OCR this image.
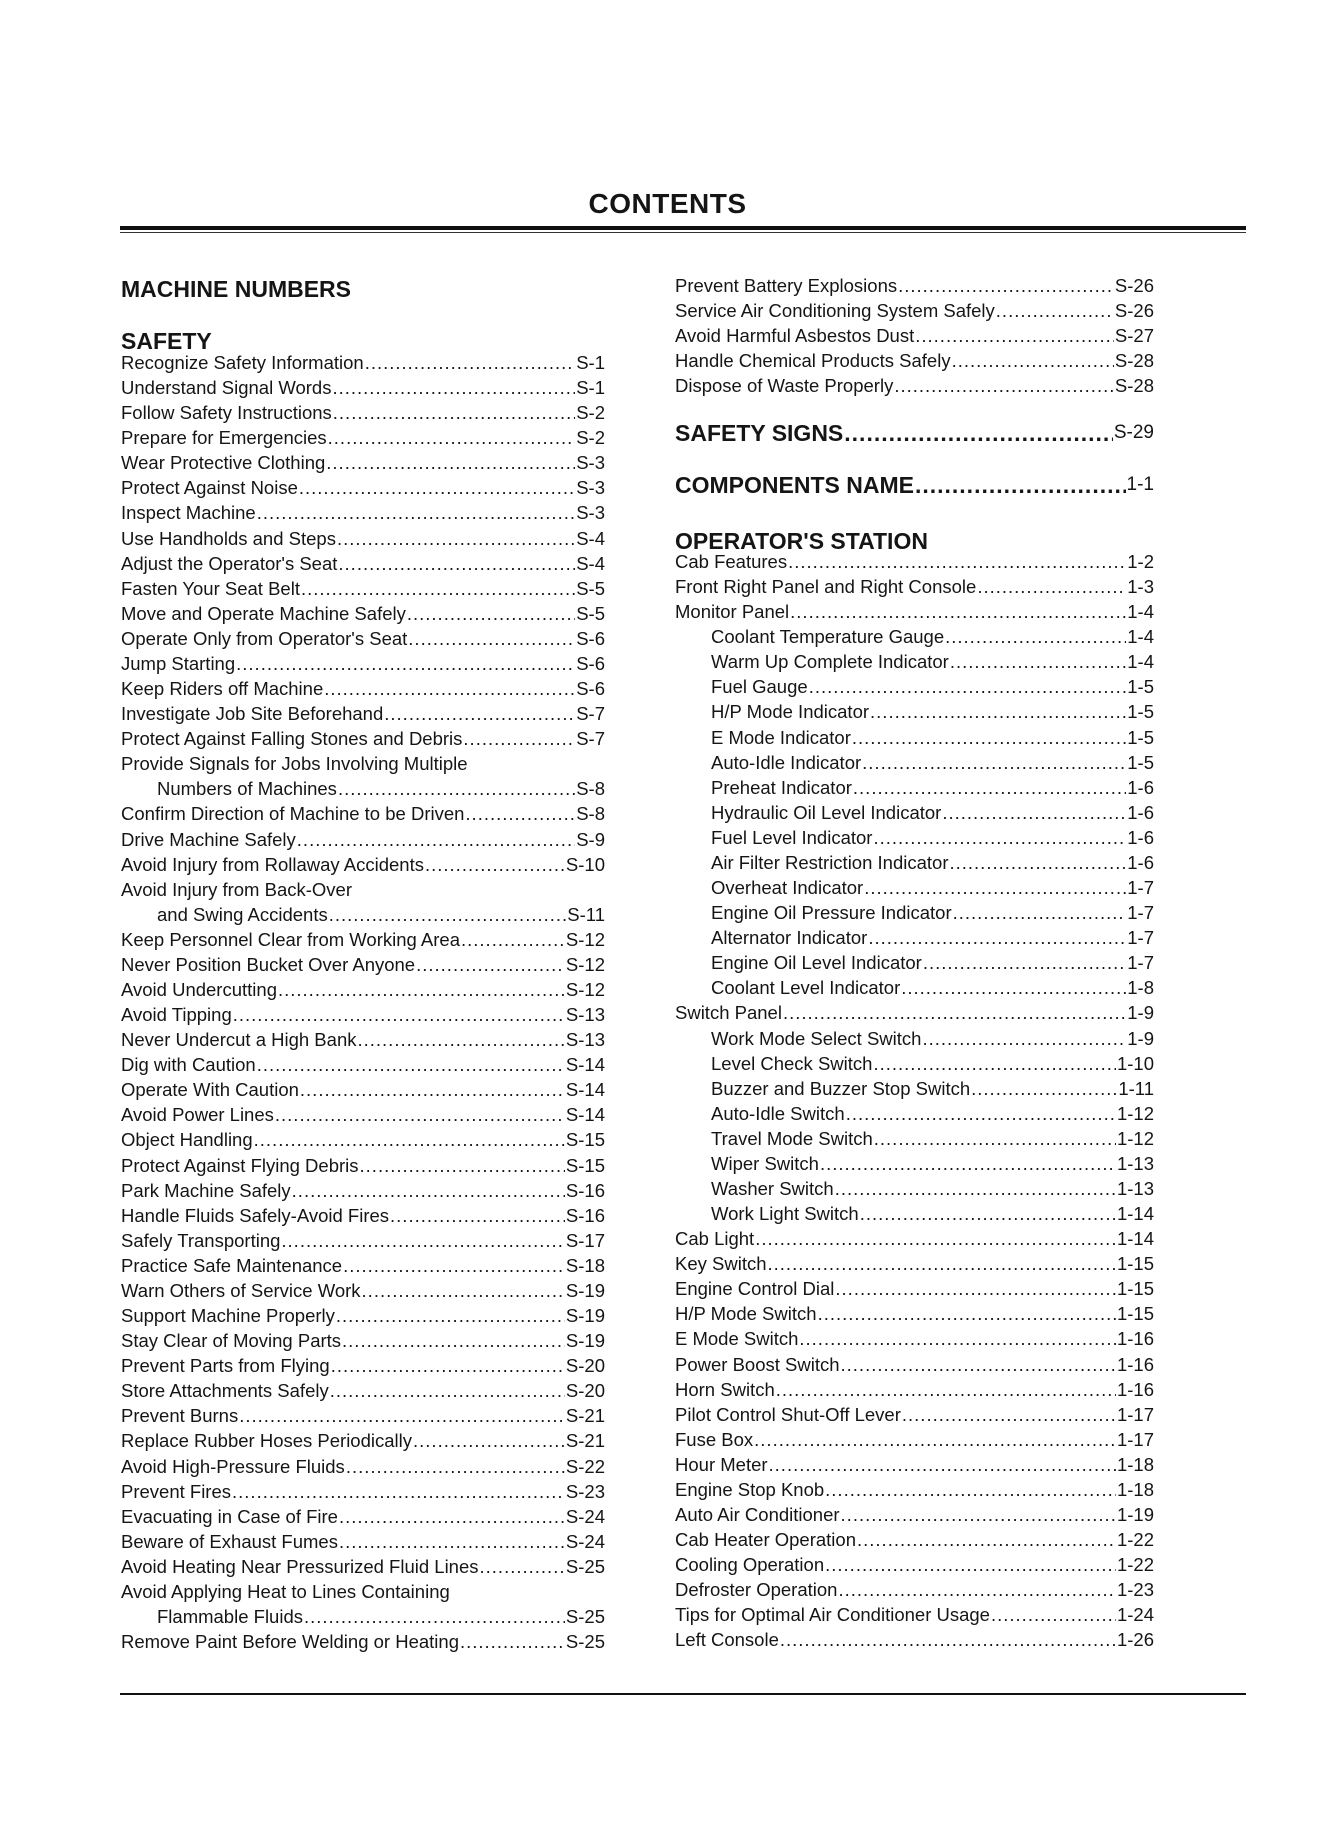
CONTENTS
MACHINE NUMBERS
SAFETY
Recognize Safety Information .....	S-1
Understand Signal Words .....	S-1
Follow Safety Instructions .....	S-2
Prepare for Emergencies .....	S-2
Wear Protective Clothing .....	S-3
Protect Against Noise .....	S-3
Inspect Machine .....	S-3
Use Handholds and Steps .....	S-4
Adjust the Operator's Seat .....	S-4
Fasten Your Seat Belt .....	S-5
Move and Operate Machine Safely .....	S-5
Operate Only from Operator's Seat .....	S-6
Jump Starting .....	S-6
Keep Riders off Machine .....	S-6
Investigate Job Site Beforehand .....	S-7
Protect Against Falling Stones and Debris .....	S-7
Provide Signals for Jobs Involving Multiple
Numbers of Machines .....	S-8
Confirm Direction of Machine to be Driven .....	S-8
Drive Machine Safely .....	S-9
Avoid Injury from Rollaway Accidents .....	S-10
Avoid Injury from Back-Over
and Swing Accidents .....	S-11
Keep Personnel Clear from Working Area .....	S-12
Never Position Bucket Over Anyone .....	S-12
Avoid Undercutting .....	S-12
Avoid Tipping .....	S-13
Never Undercut a High Bank .....	S-13
Dig with Caution .....	S-14
Operate With Caution .....	S-14
Avoid Power Lines .....	S-14
Object Handling .....	S-15
Protect Against Flying Debris .....	S-15
Park Machine Safely .....	S-16
Handle Fluids Safely-Avoid Fires .....	S-16
Safely Transporting .....	S-17
Practice Safe Maintenance .....	S-18
Warn Others of Service Work .....	S-19
Support Machine Properly .....	S-19
Stay Clear of Moving Parts .....	S-19
Prevent Parts from Flying .....	S-20
Store Attachments Safely .....	S-20
Prevent Burns .....	S-21
Replace Rubber Hoses Periodically .....	S-21
Avoid High-Pressure Fluids .....	S-22
Prevent Fires .....	S-23
Evacuating in Case of Fire .....	S-24
Beware of Exhaust Fumes .....	S-24
Avoid Heating Near Pressurized Fluid Lines .....	S-25
Avoid Applying Heat to Lines Containing
Flammable Fluids .....	S-25
Remove Paint Before Welding or Heating .....	S-25
Prevent Battery Explosions .....	S-26
Service Air Conditioning System Safely .....	S-26
Avoid Harmful Asbestos Dust .....	S-27
Handle Chemical Products Safely .....	S-28
Dispose of Waste Properly .....	S-28
SAFETY SIGNS .....	S-29
COMPONENTS NAME .....	1-1
OPERATOR'S STATION
Cab Features .....	1-2
Front Right Panel and Right Console .....	1-3
Monitor Panel .....	1-4
Coolant Temperature Gauge .....	1-4
Warm Up Complete Indicator .....	1-4
Fuel Gauge .....	1-5
H/P Mode Indicator .....	1-5
E Mode Indicator .....	1-5
Auto-Idle Indicator .....	1-5
Preheat Indicator .....	1-6
Hydraulic Oil Level Indicator .....	1-6
Fuel Level Indicator .....	1-6
Air Filter Restriction Indicator .....	1-6
Overheat Indicator .....	1-7
Engine Oil Pressure Indicator .....	1-7
Alternator Indicator .....	1-7
Engine Oil Level Indicator .....	1-7
Coolant Level Indicator .....	1-8
Switch Panel .....	1-9
Work Mode Select Switch .....	1-9
Level Check Switch .....	1-10
Buzzer and Buzzer Stop Switch .....	1-11
Auto-Idle Switch .....	1-12
Travel Mode Switch .....	1-12
Wiper Switch .....	1-13
Washer Switch .....	1-13
Work Light Switch .....	1-14
Cab Light .....	1-14
Key Switch .....	1-15
Engine Control Dial .....	1-15
H/P Mode Switch .....	1-15
E Mode Switch .....	1-16
Power Boost Switch .....	1-16
Horn Switch .....	1-16
Pilot Control Shut-Off Lever .....	1-17
Fuse Box .....	1-17
Hour Meter .....	1-18
Engine Stop Knob .....	1-18
Auto Air Conditioner .....	1-19
Cab Heater Operation .....	1-22
Cooling Operation .....	1-22
Defroster Operation .....	1-23
Tips for Optimal Air Conditioner Usage .....	1-24
Left Console .....	1-26
